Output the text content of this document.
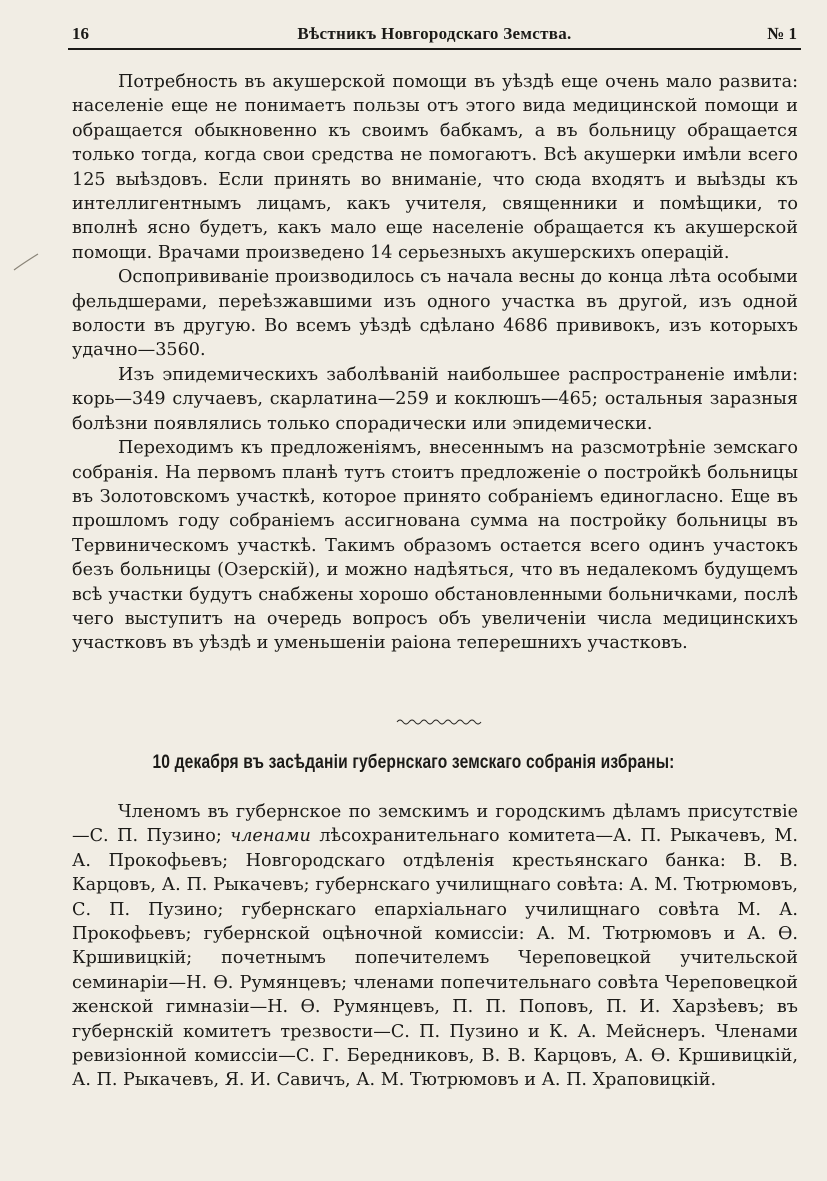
16	Вѣстникъ Новгородскаго Земства.	№ 1

Потребность въ акушерской помощи въ уѣздѣ еще очень мало развита: населеніе еще не понимаетъ пользы отъ этого вида медицинской помощи и обращается обыкновенно къ своимъ бабкамъ, а въ больницу обращается только тогда, когда свои средства не помогаютъ. Всѣ акушерки имѣли всего 125 выѣздовъ. Если принять во вниманіе, что сюда входятъ и выѣзды къ интеллигентнымъ лицамъ, какъ учителя, священники и помѣщики, то вполнѣ ясно будетъ, какъ мало еще населеніе обращается къ акушерской помощи. Врачами произведено 14 серьезныхъ акушерскихъ операцій.

Оспопрививаніе производилось съ начала весны до конца лѣта особыми фельдшерами, переѣзжавшими изъ одного участка въ другой, изъ одной волости въ другую. Во всемъ уѣздѣ сдѣлано 4686 прививокъ, изъ которыхъ удачно—3560.

Изъ эпидемическихъ заболѣваній наибольшее распространеніе имѣли: корь—349 случаевъ, скарлатина—259 и коклюшъ—465; остальныя заразныя болѣзни появлялись только спорадически или эпидемически.

Переходимъ къ предложеніямъ, внесеннымъ на разсмотрѣніе земскаго собранія. На первомъ планѣ тутъ стоитъ предложеніе о постройкѣ больницы въ Золотовскомъ участкѣ, которое принято собраніемъ единогласно. Еще въ прошломъ году собраніемъ ассигнована сумма на постройку больницы въ Тервиническомъ участкѣ. Такимъ образомъ остается всего одинъ участокъ безъ больницы (Озерскій), и можно надѣяться, что въ недалекомъ будущемъ всѣ участки будутъ снабжены хорошо обстановленными больничками, послѣ чего выступитъ на очередь вопросъ объ увеличеніи числа медицинскихъ участковъ въ уѣздѣ и уменьшеніи раіона теперешнихъ участковъ.

10 декабря въ засѣданіи губернскаго земскаго собранія избраны:

Членомъ въ губернское по земскимъ и городскимъ дѣламъ присутствіе—С. П. Пузино; членами лѣсохранительнаго комитета—А. П. Рыкачевъ, М. А. Прокофьевъ; Новгородскаго отдѣленія крестьянскаго банка: В. В. Карцовъ, А. П. Рыкачевъ; губернскаго училищнаго совѣта: А. М. Тютрюмовъ, С. П. Пузино; губернскаго епархіальнаго училищнаго совѣта М. А. Прокофьевъ; губернской оцѣночной комиссіи: А. М. Тютрюмовъ и А. Ѳ. Кршивицкій; почетнымъ попечителемъ Череповецкой учительской семинаріи—Н. Ѳ. Румянцевъ; членами попечительнаго совѣта Череповецкой женской гимназіи—Н. Ѳ. Румянцевъ, П. П. Поповъ, П. И. Харзѣевъ; въ губернскій комитетъ трезвости—С. П. Пузино и К. А. Мейснеръ. Членами ревизіонной комиссіи—С. Г. Бередниковъ, В. В. Карцовъ, А. Ѳ. Кршивицкій, А. П. Рыкачевъ, Я. И. Савичъ, А. М. Тютрюмовъ и А. П. Храповицкій.
